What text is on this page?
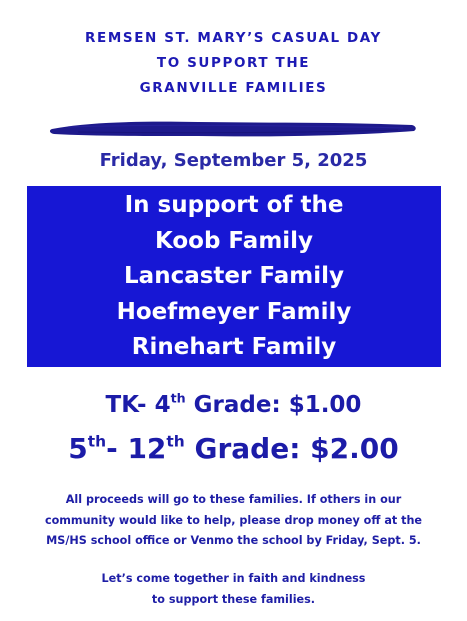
REMSEN ST. MARY’S CASUAL DAY
TO SUPPORT THE
GRANVILLE FAMILIES
Friday, September 5, 2025
In support of the
Koob Family
Lancaster Family
Hoefmeyer Family
Rinehart Family
TK- 4th Grade: $1.00
5th- 12th Grade: $2.00
All proceeds will go to these families. If others in our
community would like to help, please drop money off at the
MS/HS school office or Venmo the school by Friday, Sept. 5.
Let’s come together in faith and kindness
to support these families.
